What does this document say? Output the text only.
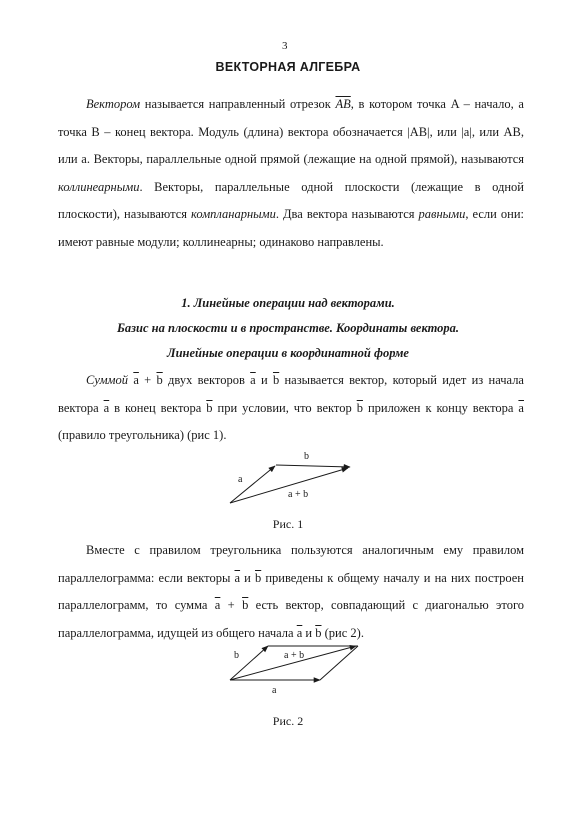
3
ВЕКТОРНАЯ АЛГЕБРА
Вектором называется направленный отрезок $\overline{AB}$, в котором точка A – начало, а точка B – конец вектора. Модуль (длина) вектора обозначается |AB|, или |a|, или AB, или a. Векторы, параллельные одной прямой (лежащие на одной прямой), называются коллинеарными. Векторы, параллельные одной плоскости (лежащие в одной плоскости), называются компланарными. Два вектора называются равными, если они: имеют равные модули; коллинеарны; одинаково направлены.
1. Линейные операции над векторами.
Базис на плоскости и в пространстве. Координаты вектора.
Линейные операции в координатной форме
Суммой $\overline{a} + \overline{b}$ двух векторов $\overline{a}$ и $\overline{b}$ называется вектор, который идет из начала вектора $\overline{a}$ в конец вектора $\overline{b}$ при условии, что вектор $\overline{b}$ приложен к концу вектора $\overline{a}$ (правило треугольника) (рис 1).
a
b
a + b
Рис. 1
Вместе с правилом треугольника пользуются аналогичным ему правилом параллелограмма: если векторы $\overline{a}$ и $\overline{b}$ приведены к общему началу и на них построен параллелограмм, то сумма $\overline{a} + \overline{b}$ есть вектор, совпадающий с диагональю этого параллелограмма, идущей из общего начала $\overline{a}$ и $\overline{b}$ (рис 2).
b	a + b
a
Рис. 2
